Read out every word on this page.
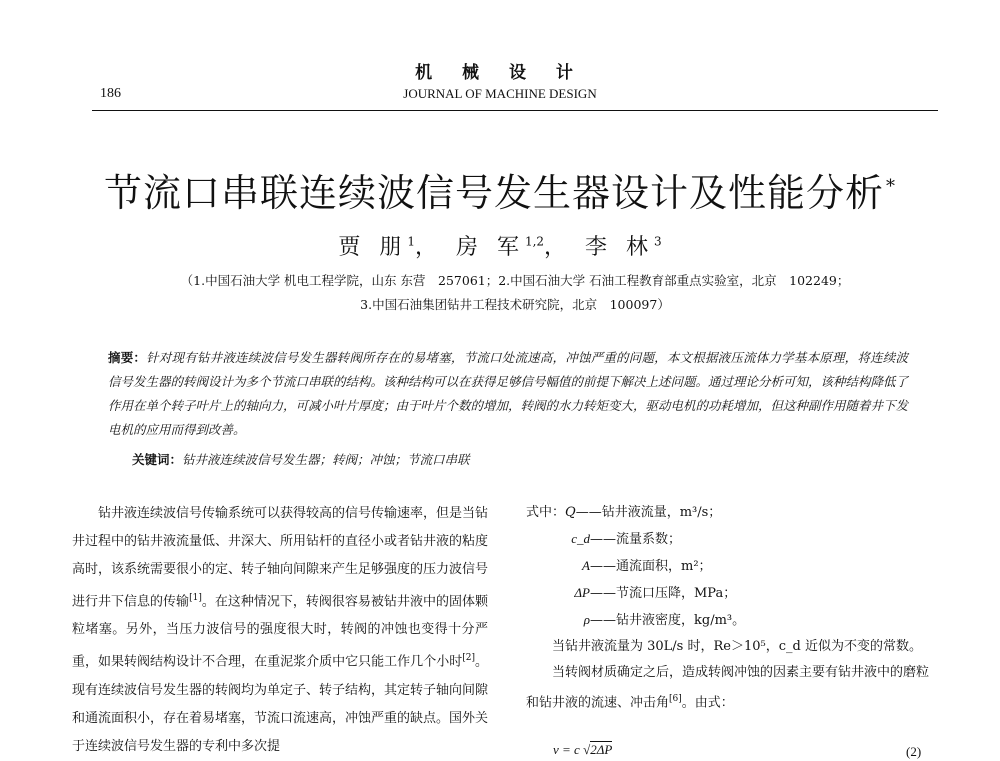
机 械 设 计
186	JOURNAL OF MACHINE DESIGN
节流口串联连续波信号发生器设计及性能分析 *
贾 朋$^1$， 房 军$^{1,2}$， 李 林$^3$
（1.中国石油大学 机电工程学院，山东 东营　257061；2.中国石油大学 石油工程教育部重点实验室，北京　102249；
3.中国石油集团钻井工程技术研究院，北京　100097）
摘要：针对现有钻井液连续波信号发生器转阀所存在的易堵塞，节流口处流速高，冲蚀严重的问题，本文根据液压流体力学基本原理，将连续波信号发生器的转阀设计为多个节流口串联的结构。该种结构可以在获得足够信号幅值的前提下解决上述问题。通过理论分析可知，该种结构降低了作用在单个转子叶片上的轴向力，可减小叶片厚度；由于叶片个数的增加，转阀的水力转矩变大，驱动电机的功耗增加，但这种副作用随着井下发电机的应用而得到改善。
关键词：钻井液连续波信号发生器；转阀；冲蚀；节流口串联

钻井液连续波信号传输系统可以获得较高的信号传输速率，但是当钻井过程中的钻井液流量低、井深大、所用钻杆的直径小或者钻井液的粘度高时，该系统需要很小的定、转子轴向间隙来产生足够强度的压力波信号进行井下信息的传输[1]。在这种情况下，转阀很容易被钻井液中的固体颗粒堵塞。另外，当压力波信号的强度很大时，转阀的冲蚀也变得十分严重，如果转阀结构设计不合理，在重泥浆介质中它只能工作几个小时[2]。现有连续波信号发生器的转阀均为单定子、转子结构，其定转子轴向间隙和通流面积小，存在着易堵塞，节流口流速高，冲蚀严重的缺点。国外关于连续波信号发生器的专利中多次提

式中：Q——钻井液流量，m³/s；
c_d——流量系数；
A——通流面积，m²；
ΔP——节流口压降，MPa；
ρ——钻井液密度，kg/m³。

当钻井液流量为 30L/s 时，Re＞10⁵，c_d 近似为不变的常数。

当转阀材质确定之后，造成转阀冲蚀的因素主要有钻井液中的磨粒和钻井液的流速、冲击角[6]。由式：

v = c √2ΔP	(2)
